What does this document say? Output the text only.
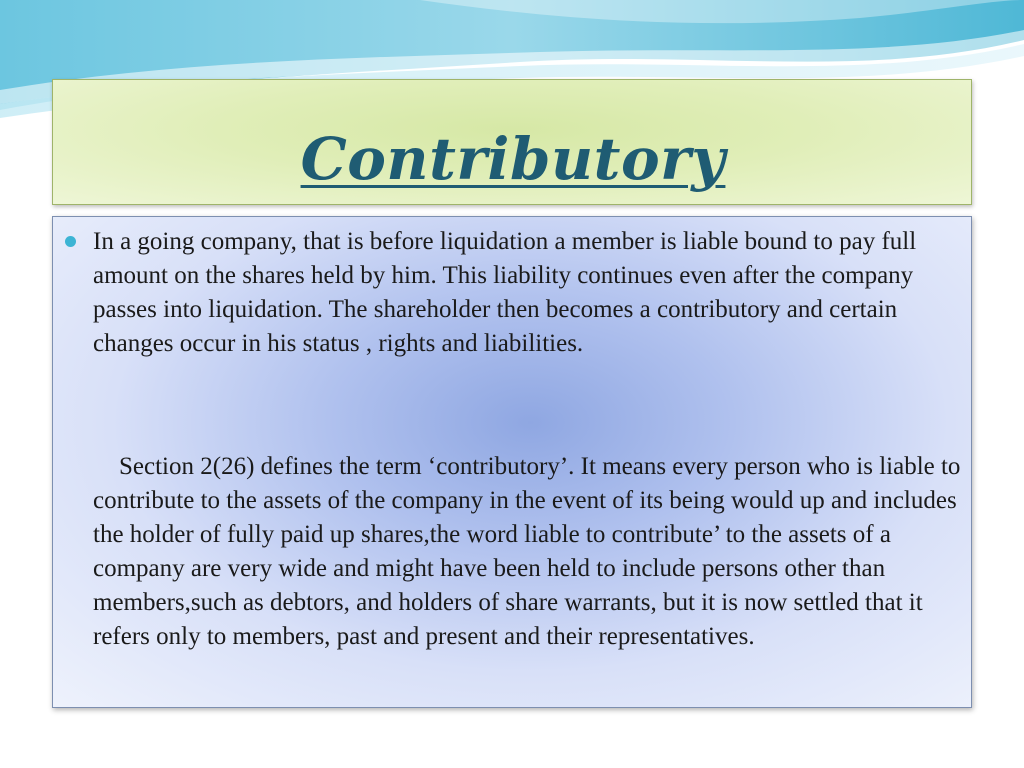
Contributory

In a going company, that is before liquidation a member is liable bound to pay full amount on the shares held by him. This liability continues even after the company passes into liquidation. The shareholder then becomes a contributory and certain changes occur in his status , rights and liabilities.

Section 2(26) defines the term ‘contributory’. It means every person who is liable to contribute to the assets of the company in the event of its being would up and includes the holder of fully paid up shares,the word liable to contribute’ to the assets of a company are very wide and might have been held to include persons other than members,such as debtors, and holders of share warrants, but it is now settled that it refers only to members, past and present and their representatives.
